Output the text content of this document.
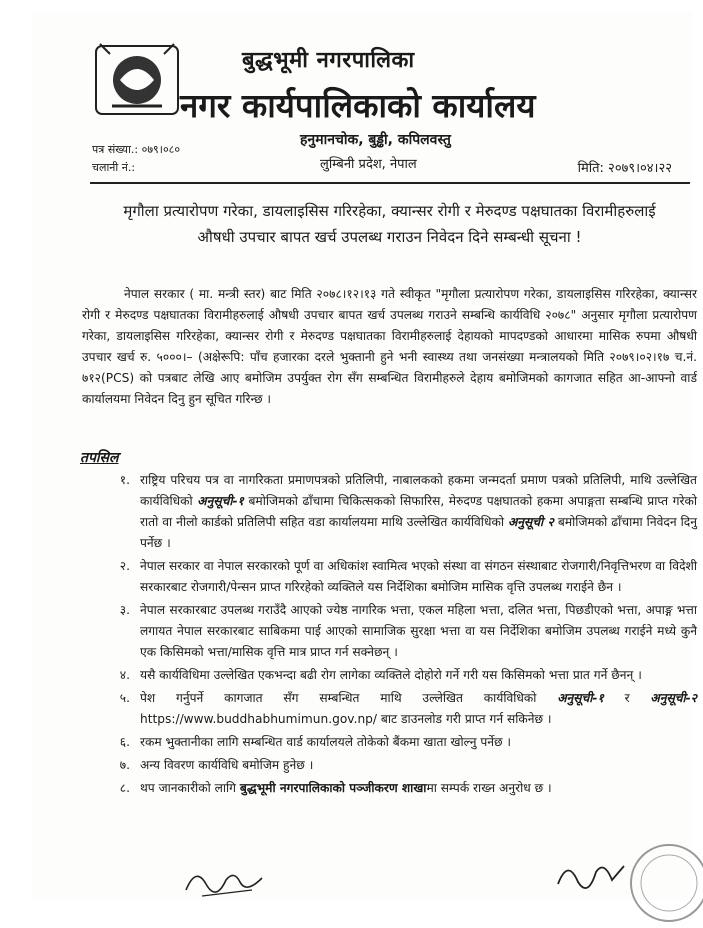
बुद्धभूमी नगरपालिका
नगर कार्यपालिकाको कार्यालय
हनुमानचोक, बुड्ढी, कपिलवस्तु
लुम्बिनी प्रदेश, नेपाल
पत्र संख्या.: ०७९।०८०
चलानी नं.:	मिति: २०७९।०४।२२
मृगौला प्रत्यारोपण गरेका, डायलाइसिस गरिरहेका, क्यान्सर रोगी र मेरुदण्ड पक्षघातका विरामीहरुलाई
औषधी उपचार बापत खर्च उपलब्ध गराउन निवेदन दिने सम्बन्धी सूचना !
नेपाल सरकार ( मा. मन्त्री स्तर) बाट मिति २०७८।१२।१३ गते स्वीकृत "मृगौला प्रत्यारोपण गरेका, डायलाइसिस गरिरहेका, क्यान्सर रोगी र मेरुदण्ड पक्षघातका विरामीहरुलाई औषधी उपचार बापत खर्च उपलब्ध गराउने सम्बन्धि कार्यविधि २०७८" अनुसार मृगौला प्रत्यारोपण गरेका, डायलाइसिस गरिरहेका, क्यान्सर रोगी र मेरुदण्ड पक्षघातका विरामीहरुलाई देहायको मापदण्डको आधारमा मासिक रुपमा औषधी उपचार खर्च रु. ५०००।– (अक्षेरूपि: पाँच हजारका दरले भुक्तानी हुने भनी स्वास्थ्य तथा जनसंख्या मन्त्रालयको मिति २०७९।०२।१७ च.नं. ७१२(PCS) को पत्रबाट लेखि आए बमोजिम उपर्युक्त रोग सँग सम्बन्धित विरामीहरुले देहाय बमोजिमको कागजात सहित आ-आफ्नो वार्ड कार्यालयमा निवेदन दिनु हुन सूचित गरिन्छ ।
तपसिल
१. राष्ट्रिय परिचय पत्र वा नागरिकता प्रमाणपत्रको प्रतिलिपी, नाबालकको हकमा जन्मदर्ता प्रमाण पत्रको प्रतिलिपी, माथि उल्लेखित कार्यविधिको अनुसूची-१ बमोजिमको ढाँचामा चिकित्सकको सिफारिस, मेरुदण्ड पक्षघातको हकमा अपाङ्गता सम्बन्धि प्राप्त गरेको रातो वा नीलो कार्डको प्रतिलिपी सहित वडा कार्यालयमा माथि उल्लेखित कार्यविधिको अनुसूची २ बमोजिमको ढाँचामा निवेदन दिनु पर्नेछ ।
२. नेपाल सरकार वा नेपाल सरकारको पूर्ण वा अधिकांश स्वामित्व भएको संस्था वा संगठन संस्थाबाट रोजगारी/निवृत्तिभरण वा विदेशी सरकारबाट रोजगारी/पेन्सन प्राप्त गरिरहेको व्यक्तिले यस निर्देशिका बमोजिम मासिक वृत्ति उपलब्ध गराईने छैन ।
३. नेपाल सरकारबाट उपलब्ध गराउँदै आएको ज्येष्ठ नागरिक भत्ता, एकल महिला भत्ता, दलित भत्ता, पिछडीएको भत्ता, अपाङ्ग भत्ता लगायत नेपाल सरकारबाट साबिकमा पाई आएको सामाजिक सुरक्षा भत्ता वा यस निर्देशिका बमोजिम उपलब्ध गराईने मध्ये कुनै एक किसिमको भत्ता/मासिक वृत्ति मात्र प्राप्त गर्न सक्नेछन् ।
४. यसै कार्यविधिमा उल्लेखित एकभन्दा बढी रोग लागेका व्यक्तिले दोहोरो गर्ने गरी यस किसिमको भत्ता प्रात गर्ने छैनन् ।
५. पेश गर्नुपर्ने कागजात सँग सम्बन्धित माथि उल्लेखित कार्यविधिको अनुसूची-१ र अनुसूची-२ https://www.buddhabhumimun.gov.np/ बाट डाउनलोड गरी प्राप्त गर्न सकिनेछ ।
६. रकम भुक्तानीका लागि सम्बन्धित वार्ड कार्यालयले तोकेको बैंकमा खाता खोल्नु पर्नेछ ।
७. अन्य विवरण कार्यविधि बमोजिम हुनेछ ।
८. थप जानकारीको लागि बुद्धभूमी नगरपालिकाको पञ्जीकरण शाखामा सम्पर्क राख्न अनुरोध छ ।
